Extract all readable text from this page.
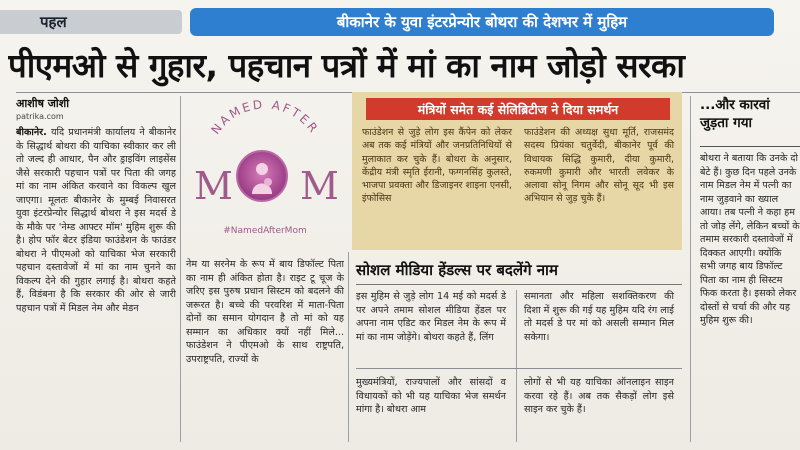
पहल	बीकानेर के युवा इंटरप्रेन्योर बोथरा की देशभर में मुहिम
पीएमओ से गुहार, पहचान पत्रों में मां का नाम जोड़ो सरका
आशीष जोशी
patrika.com
बीकानेर. यदि प्रधानमंत्री कार्यालय ने बीकानेर के सिद्धार्थ बोथरा की याचिका स्वीकार कर ली तो जल्द ही आधार, पैन और ड्राइविंग लाइसेंस जैसे सरकारी पहचान पत्रों पर पिता की जगह मां का नाम अंकित करवाने का विकल्प खुल जाएगा। मूलतः बीकानेर के मुम्बई निवासरत युवा इंटरप्रेन्योर सिद्धार्थ बोथरा ने इस मदर्स डे के मौके पर 'नेम्ड आफ्टर मॉम' मुहिम शुरू की है। होप फॉर बेटर इंडिया फाउंडेशन के फाउंडर बोथरा ने पीएमओ को याचिका भेज सरकारी पहचान दस्तावेजों में मां का नाम चुनने का विकल्प देने की गुहार लगाई है। बोथरा कहते हैं, विडंबना है कि सरकार की ओर से जारी पहचान पत्रों में मिडल नेम और मेडन
NAMED AFTER
M M
#NamedAfterMom
नेम या सरनेम के रूप में बाय डिफॉल्ट पिता का नाम ही अंकित होता है। राइट टू चूज के जरिए इस पुरुष प्रधान सिस्टम को बदलने की जरूरत है। बच्चे की परवरिश में माता-पिता दोनों का समान योगदान है तो मां को यह सम्मान का अधिकार क्यों नहीं मिले... फाउंडेशन ने पीएमओ के साथ राष्ट्रपति, उपराष्ट्रपति, राज्यों के
मंत्रियों समेत कई सेलिब्रिटीज ने दिया समर्थन
फाउंडेशन से जुड़े लोग इस कैंपेन को लेकर अब तक कई मंत्रियों और जनप्रतिनिधियों से मुलाकात कर चुके हैं। बोथरा के अनुसार, केंद्रीय मंत्री स्मृति ईरानी, फग्गनसिंह कुलस्ते, भाजपा प्रवक्ता और डिजाइनर शाइना एनसी, इंफोसिस
फाउंडेशन की अध्यक्ष सुधा मूर्ति, राजसमंद सदस्य प्रियंका चतुर्वेदी, बीकानेर पूर्व की विधायक सिद्धि कुमारी, दीया कुमारी, रुकमणी कुमारी और भारती लवेकर के अलावा सोनू निगम और सोनू सूद भी इस अभियान से जुड़ चुके हैं।
सोशल मीडिया हेंडल्स पर बदलेंगे नाम
इस मुहिम से जुड़े लोग 14 मई को मदर्स डे पर अपने तमाम सोशल मीडिया हेंडल पर अपना नाम एडिट कर मिडल नेम के रूप में मां का नाम जोड़ेंगे। बोथरा कहते हैं, लिंग
समानता और महिला सशक्तिकरण की दिशा में शुरू की गई यह मुहिम यदि रंग लाई तो मदर्स डे पर मां को असली सम्मान मिल सकेगा।
मुख्यमंत्रियों, राज्यपालों और सांसदों व विधायकों को भी यह याचिका भेज समर्थन मांगा है। बोथरा आम
लोगों से भी यह याचिका ऑनलाइन साइन करवा रहे हैं। अब तक सैकड़ों लोग इसे साइन कर चुके हैं।
...और कारवां जुड़ता गया
बोथरा ने बताया कि उनके दो बेटे हैं। कुछ दिन पहले उनके नाम मिडल नेम में पत्नी का नाम जुड़वाने का ख्याल आया। तब पत्नी ने कहा हम तो जोड़ लेंगे, लेकिन बच्चों के तमाम सरकारी दस्तावेजों में दिक्कत आएगी। क्योंकि सभी जगह बाय डिफॉल्ट पिता का नाम ही सिस्टम फिक करता है। इसको लेकर दोस्तों से चर्चा की और यह मुहिम शुरू की।
